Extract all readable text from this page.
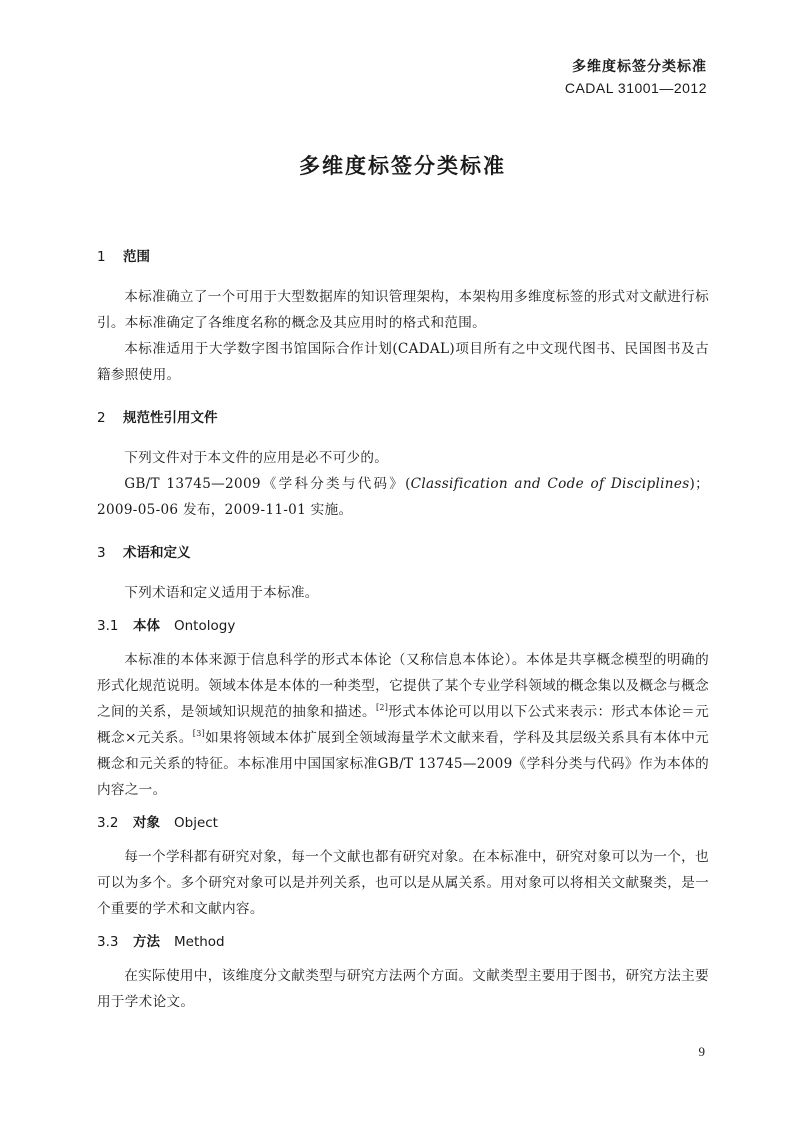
多维度标签分类标准
CADAL 31001—2012
多维度标签分类标准
1 范围

本标准确立了一个可用于大型数据库的知识管理架构，本架构用多维度标签的形式对文献进行标引。本标准确定了各维度名称的概念及其应用时的格式和范围。

本标准适用于大学数字图书馆国际合作计划(CADAL)项目所有之中文现代图书、民国图书及古籍参照使用。

2 规范性引用文件

下列文件对于本文件的应用是必不可少的。

GB/T 13745—2009《学科分类与代码》(Classification and Code of Disciplines)；2009-05-06 发布，2009-11-01 实施。

3 术语和定义

下列术语和定义适用于本标准。

3.1 本体 Ontology

本标准的本体来源于信息科学的形式本体论（又称信息本体论）。本体是共享概念模型的明确的形式化规范说明。领域本体是本体的一种类型，它提供了某个专业学科领域的概念集以及概念与概念之间的关系，是领域知识规范的抽象和描述。[2]形式本体论可以用以下公式来表示：形式本体论＝元概念×元关系。[3]如果将领域本体扩展到全领域海量学术文献来看，学科及其层级关系具有本体中元概念和元关系的特征。本标准用中国国家标准GB/T 13745—2009《学科分类与代码》作为本体的内容之一。

3.2 对象 Object

每一个学科都有研究对象，每一个文献也都有研究对象。在本标准中，研究对象可以为一个，也可以为多个。多个研究对象可以是并列关系，也可以是从属关系。用对象可以将相关文献聚类，是一个重要的学术和文献内容。

3.3 方法 Method

在实际使用中，该维度分文献类型与研究方法两个方面。文献类型主要用于图书，研究方法主要用于学术论文。

9
